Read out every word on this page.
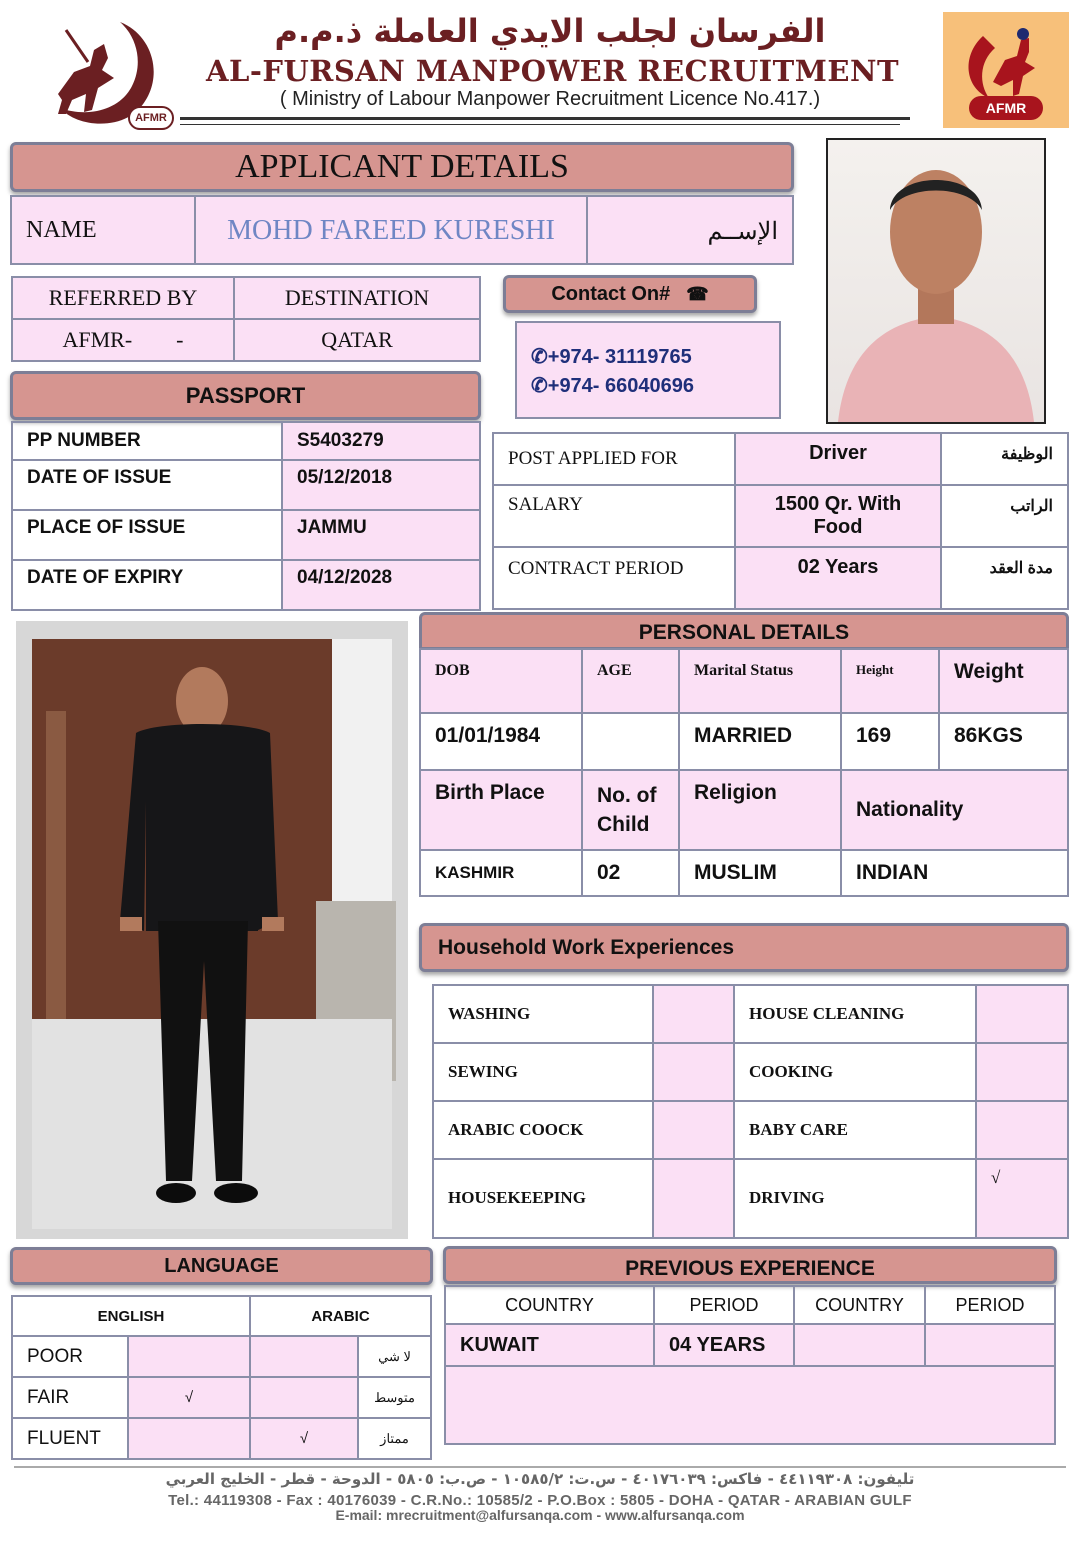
AFMR
الفرسان لجلب الايدي العاملة ذ.م.م
AL-FURSAN MANPOWER RECRUITMENT
( Ministry of Labour Manpower Recruitment Licence No.417.)	AFMR
APPLICANT DETAILS
NAME	MOHD FAREED KURESHI	الإســم
REFERRED BY	DESTINATION
AFMR-        -	QATAR
Contact On# ☎
✆+974- 31119765
✆+974- 66040696
PASSPORT
PP NUMBER	S5403279
DATE OF ISSUE	05/12/2018
PLACE OF ISSUE	JAMMU
DATE OF EXPIRY	04/12/2028
POST APPLIED FOR	Driver	الوظيفة
SALARY	1500 Qr. With Food	الراتب
CONTRACT PERIOD	02 Years	مدة العقد
PERSONAL DETAILS
DOB	AGE	Marital Status	Height	Weight
01/01/1984		MARRIED	169	86KGS
Birth Place	No. of Child	Religion	Nationality	
KASHMIR	02	MUSLIM	INDIAN	
Household Work Experiences
WASHING		HOUSE CLEANING	
SEWING		COOKING	
ARABIC COOCK		BABY CARE	
HOUSEKEEPING		DRIVING	√
LANGUAGE
ENGLISH		ARABIC	
POOR			لا شي
FAIR	√		متوسط
FLUENT		√	ممتاز
PREVIOUS EXPERIENCE
COUNTRY	PERIOD	COUNTRY	PERIOD
KUWAIT	04 YEARS		

تليفون: ٤٤١١٩٣٠٨ - فاكس: ٤٠١٧٦٠٣٩ - س.ت: ١٠٥٨٥/٢ - ص.ب: ٥٨٠٥ - الدوحة - قطر - الخليج العربي
Tel.: 44119308 - Fax : 40176039 - C.R.No.: 10585/2 - P.O.Box : 5805 - DOHA - QATAR - ARABIAN GULF
E-mail: mrecruitment@alfursanqa.com - www.alfursanqa.com
